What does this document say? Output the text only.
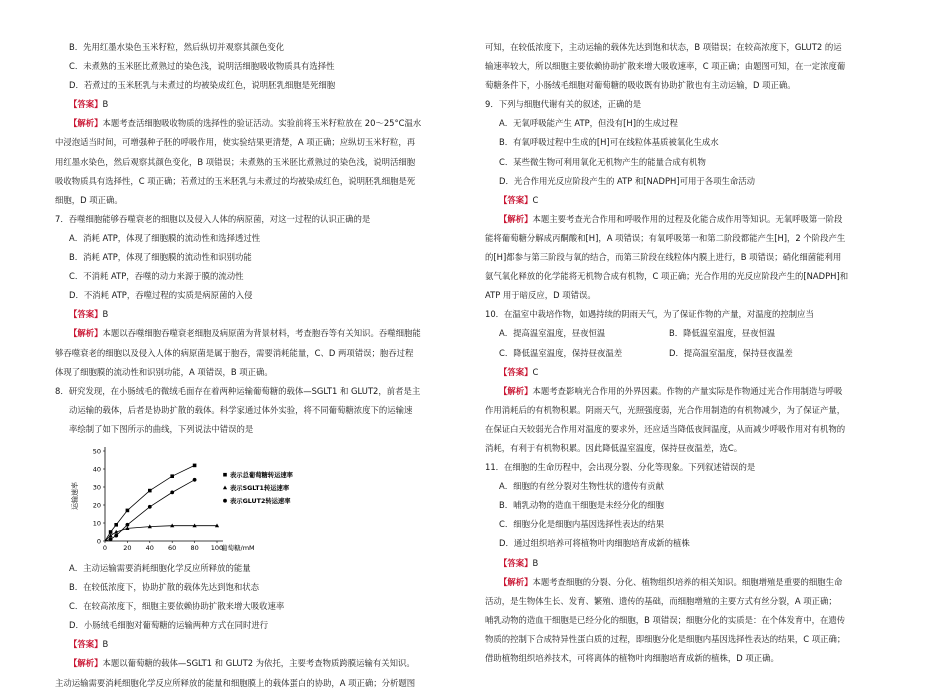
B．先用红墨水染色玉米籽粒，然后纵切并观察其颜色变化
C．未煮熟的玉米胚比煮熟过的染色浅，说明活细胞吸收物质具有选择性
D．若煮过的玉米胚乳与未煮过的均被染成红色，说明胚乳细胞是死细胞
【答案】B
【解析】本题考查活细胞吸收物质的选择性的验证活动。实验前将玉米籽粒放在 20～25°C温水
中浸泡适当时间，可增强种子胚的呼吸作用，使实验结果更清楚，A 项正确；应纵切玉米籽粒，再
用红墨水染色，然后观察其颜色变化，B 项错误；未煮熟的玉米胚比煮熟过的染色浅，说明活细胞
吸收物质具有选择性，C 项正确；若煮过的玉米胚乳与未煮过的均被染成红色，说明胚乳细胞是死
细胞，D 项正确。
7．吞噬细胞能够吞噬衰老的细胞以及侵入人体的病原菌，对这一过程的认识正确的是
A．消耗 ATP，体现了细胞膜的流动性和选择透过性
B．消耗 ATP，体现了细胞膜的流动性和识别功能
C．不消耗 ATP，吞噬的动力来源于膜的流动性
D．不消耗 ATP，吞噬过程的实质是病原菌的入侵
【答案】B
【解析】本题以吞噬细胞吞噬衰老细胞及病原菌为背景材料，考查胞吞等有关知识。吞噬细胞能
够吞噬衰老的细胞以及侵入人体的病原菌是属于胞吞，需要消耗能量，C、D 两项错误；胞吞过程
体现了细胞膜的流动性和识别功能，A 项错误，B 项正确。
8．研究发现，在小肠绒毛的微绒毛面存在着两种运输葡萄糖的载体—SGLT1 和 GLUT2，前者是主
动运输的载体，后者是协助扩散的载体。科学家通过体外实验，将不同葡萄糖浓度下的运输速
率绘制了如下图所示的曲线，下列说法中错误的是
0 20 40 60 80 100
葡萄糖/mM
0
10
20
30
40
50
运输速率
表示总葡萄糖转运速率
表示SGLT1转运速率
表示GLUT2转运速率
A．主动运输需要消耗细胞化学反应所释放的能量
B．在较低浓度下，协助扩散的载体先达到饱和状态
C．在较高浓度下，细胞主要依赖协助扩散来增大吸收速率
D．小肠绒毛细胞对葡萄糖的运输两种方式在同时进行
【答案】B
【解析】本题以葡萄糖的载体—SGLT1 和 GLUT2 为依托，主要考查物质跨膜运输有关知识。
主动运输需要消耗细胞化学反应所释放的能量和细胞膜上的载体蛋白的协助，A 项正确；分析题图
可知，在较低浓度下，主动运输的载体先达到饱和状态，B 项错误；在较高浓度下，GLUT2 的运
输速率较大，所以细胞主要依赖协助扩散来增大吸收速率，C 项正确；由题图可知，在一定浓度葡
萄糖条件下，小肠绒毛细胞对葡萄糖的吸收既有协助扩散也有主动运输，D 项正确。
9．下列与细胞代谢有关的叙述，正确的是
A．无氧呼吸能产生 ATP，但没有[H]的生成过程
B．有氧呼吸过程中生成的[H]可在线粒体基质被氧化生成水
C．某些微生物可利用氧化无机物产生的能量合成有机物
D．光合作用光反应阶段产生的 ATP 和[NADPH]可用于各项生命活动
【答案】C
【解析】本题主要考查光合作用和呼吸作用的过程及化能合成作用等知识。无氧呼吸第一阶段
能将葡萄糖分解成丙酮酸和[H]，A 项错误；有氧呼吸第一和第二阶段都能产生[H]，2 个阶段产生
的[H]都参与第三阶段与氧的结合，而第三阶段在线粒体内膜上进行，B 项错误；硝化细菌能利用
氨气氧化释放的化学能将无机物合成有机物，C 项正确；光合作用的光反应阶段产生的[NADPH]和
ATP 用于暗反应，D 项错误。
10．在温室中栽培作物，如遇持续的阴雨天气，为了保证作物的产量，对温度的控制应当
A．提高温室温度，昼夜恒温	B．降低温室温度，昼夜恒温
C．降低温室温度，保持昼夜温差	D．提高温室温度，保持昼夜温差
【答案】C
【解析】本题考查影响光合作用的外界因素。作物的产量实际是作物通过光合作用制造与呼吸
作用消耗后的有机物积累。阴雨天气，光照强度弱，光合作用制造的有机物减少，为了保证产量，
在保证白天较弱光合作用对温度的要求外，还应适当降低夜间温度，从而减少呼吸作用对有机物的
消耗，有利于有机物积累。因此降低温室温度，保持昼夜温差，选C。
11．在细胞的生命历程中，会出现分裂、分化等现象。下列叙述错误的是
A．细胞的有丝分裂对生物性状的遗传有贡献
B．哺乳动物的造血干细胞是未经分化的细胞
C．细胞分化是细胞内基因选择性表达的结果
D．通过组织培养可将植物叶肉细胞培育成新的植株
【答案】B
【解析】本题考查细胞的分裂、分化、植物组织培养的相关知识。细胞增殖是重要的细胞生命
活动，是生物体生长、发育、繁殖、遗传的基础，而细胞增殖的主要方式有丝分裂，A 项正确；
哺乳动物的造血干细胞是已经分化的细胞，B 项错误；细胞分化的实质是：在个体发育中，在遗传
物质的控制下合成特异性蛋白质的过程，即细胞分化是细胞内基因选择性表达的结果，C 项正确；
借助植物组织培养技术，可将离体的植物叶肉细胞培育成新的植株，D 项正确。
